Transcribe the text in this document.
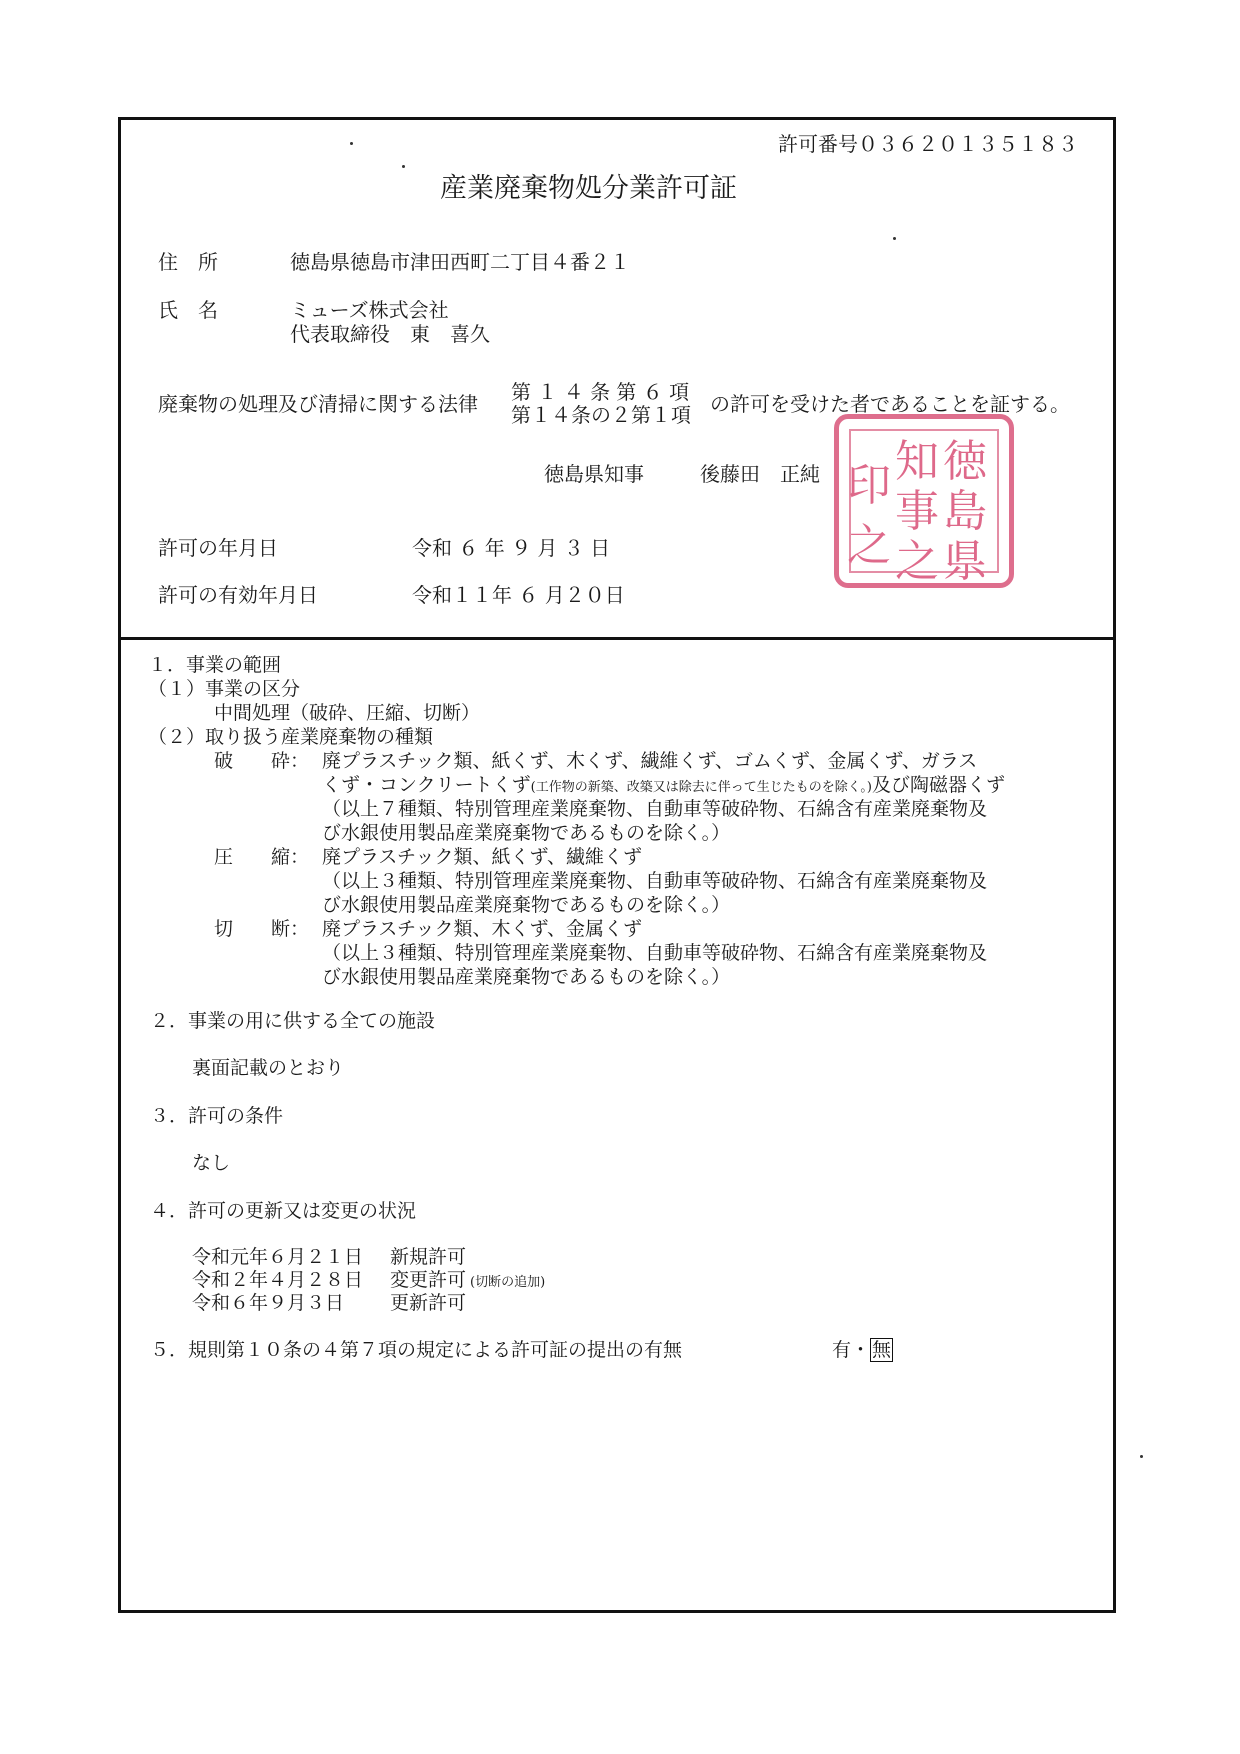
許可番号０３６２０１３５１８３
産業廃棄物処分業許可証
住　所	徳島県徳島市津田西町二丁目４番２１
氏　名	ミューズ株式会社
代表取締役　東　喜久
廃棄物の処理及び清掃に関する法律 第 １ ４ 条 第 ６ 項
第１４条の２第１項 の許可を受けた者であることを証する。
徳島県知事	後藤田　正純	徳
島
県
知
事
之
印
之
許可の年月日	令和 ６ 年 ９ 月 ３ 日
許可の有効年月日	令和１１年 ６ 月２０日
１．事業の範囲
（１）事業の区分
中間処理（破砕、圧縮、切断）
（２）取り扱う産業廃棄物の種類
破　　砕： 廃プラスチック類、紙くず、木くず、繊維くず、ゴムくず、金属くず、ガラス
くず・コンクリートくず(工作物の新築、改築又は除去に伴って生じたものを除く。)及び陶磁器くず
（以上７種類、特別管理産業廃棄物、自動車等破砕物、石綿含有産業廃棄物及
び水銀使用製品産業廃棄物であるものを除く。）
圧　　縮： 廃プラスチック類、紙くず、繊維くず
（以上３種類、特別管理産業廃棄物、自動車等破砕物、石綿含有産業廃棄物及
び水銀使用製品産業廃棄物であるものを除く。）
切　　断： 廃プラスチック類、木くず、金属くず
（以上３種類、特別管理産業廃棄物、自動車等破砕物、石綿含有産業廃棄物及
び水銀使用製品産業廃棄物であるものを除く。）
２．事業の用に供する全ての施設
裏面記載のとおり
３．許可の条件
なし
４．許可の更新又は変更の状況
令和元年６月２１日 新規許可
令和２年４月２８日 変更許可 (切断の追加)
令和６年９月３日 更新許可
５．規則第１０条の４第７項の規定による許可証の提出の有無	有・ 無
